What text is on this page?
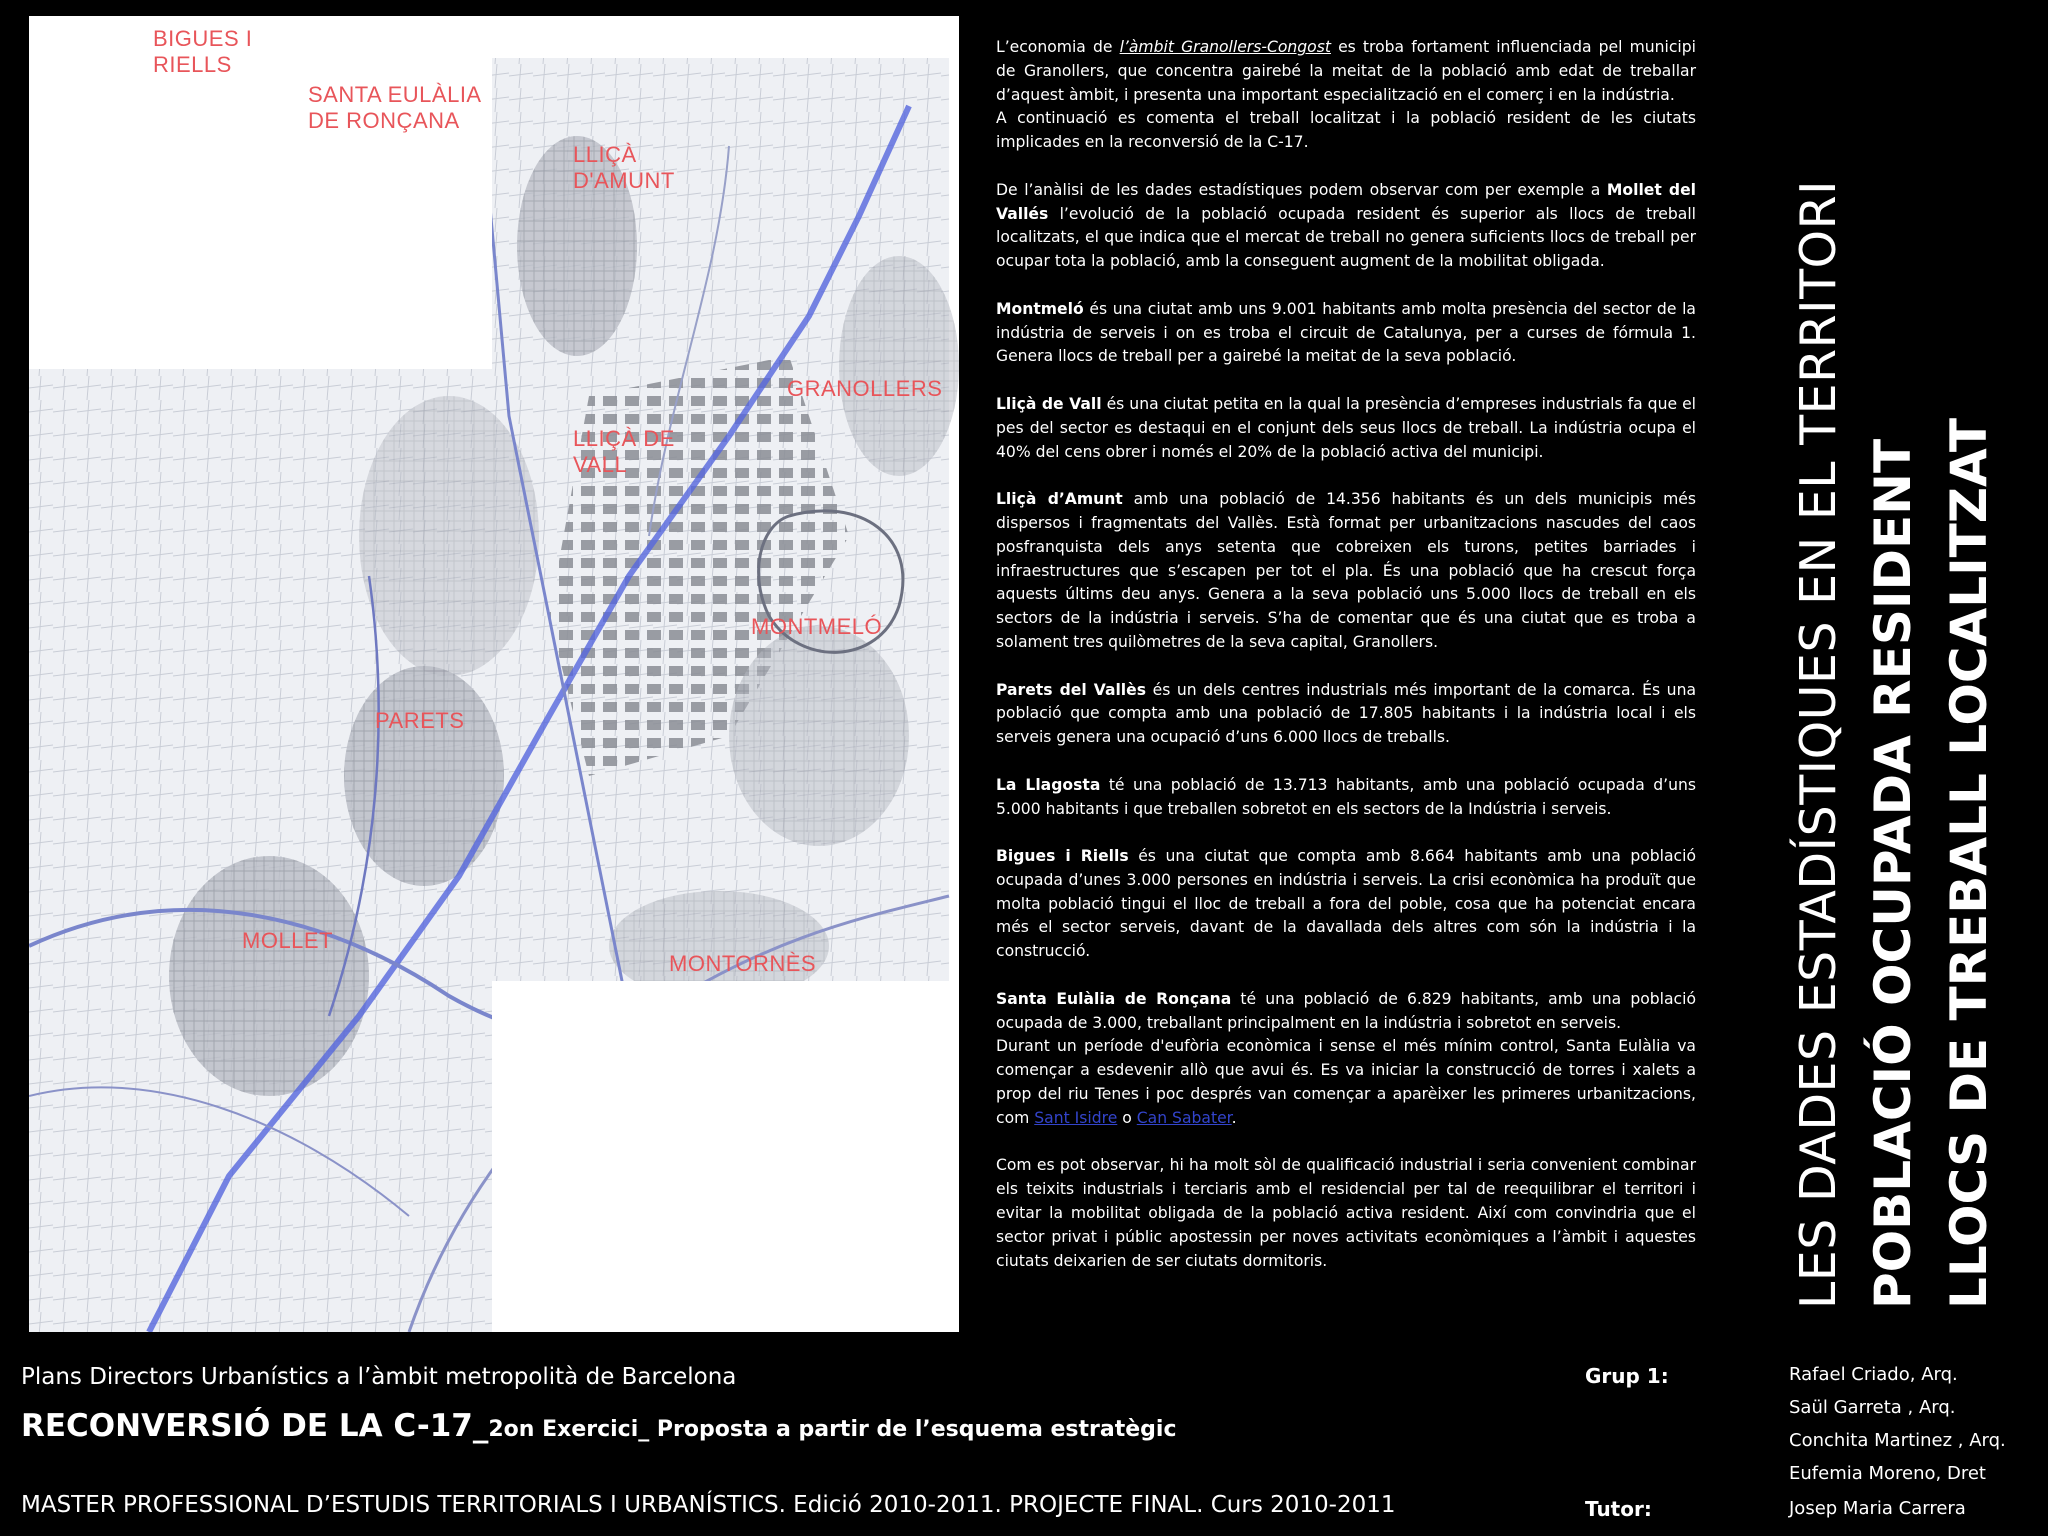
BIGUES I
RIELLS
SANTA EULÀLIA
DE RONÇANA
LLIÇÀ
D'AMUNT
GRANOLLERS
LLIÇÀ DE
VALL
MONTMELÓ
PARETS
MOLLET
MONTORNÈS

L’economia de l’àmbit Granollers-Congost es troba fortament influenciada pel municipi de Granollers, que concentra gairebé la meitat de la població amb edat de treballar d’aquest àmbit, i presenta una important especialització en el comerç i en la indústria.

A continuació es comenta el treball localitzat i la població resident de les ciutats implicades en la reconversió de la C-17.

De l’anàlisi de les dades estadístiques podem observar com per exemple a Mollet del Vallés l’evolució de la població ocupada resident és superior als llocs de treball localitzats, el que indica que el mercat de treball no genera suficients llocs de treball per ocupar tota la població, amb la conseguent augment de la mobilitat obligada.

Montmeló és una ciutat amb uns 9.001 habitants amb molta presència del sector de la indústria de serveis i on es troba el circuit de Catalunya, per a curses de fórmula 1. Genera llocs de treball per a gairebé la meitat de la seva població.

Lliçà de Vall és una ciutat petita en la qual la presència d’empreses industrials fa que el pes del sector es destaqui en el conjunt dels seus llocs de treball. La indústria ocupa el 40% del cens obrer i només el 20% de la població activa del municipi.

Lliçà d’Amunt amb una població de 14.356 habitants és un dels municipis més dispersos i fragmentats del Vallès. Està format per urbanitzacions nascudes del caos posfranquista dels anys setenta que cobreixen els turons, petites barriades i infraestructures que s’escapen per tot el pla. És una població que ha crescut força aquests últims deu anys. Genera a la seva població uns 5.000 llocs de treball en els sectors de la indústria i serveis. S’ha de comentar que és una ciutat que es troba a solament tres quilòmetres de la seva capital, Granollers.

Parets del Vallès és un dels centres industrials més important de la comarca. És una població que compta amb una població de 17.805 habitants i la indústria local i els serveis genera una ocupació d’uns 6.000 llocs de treballs.

La Llagosta té una població de 13.713 habitants, amb una població ocupada d’uns 5.000 habitants i que treballen sobretot en els sectors de la Indústria i serveis.

Bigues i Riells és una ciutat que compta amb 8.664 habitants amb una població ocupada d’unes 3.000 persones en indústria i serveis. La crisi econòmica ha produït que molta població tingui el lloc de treball a fora del poble, cosa que ha potenciat encara més el sector serveis, davant de la davallada dels altres com són la indústria i la construcció.

Santa Eulàlia de Ronçana té una població de 6.829 habitants, amb una població ocupada de 3.000, treballant principalment en la indústria i sobretot en serveis.

Durant un període d'eufòria econòmica i sense el més mínim control, Santa Eulàlia va començar a esdevenir allò que avui és. Es va iniciar la construcció de torres i xalets a prop del riu Tenes i poc després van començar a aparèixer les primeres urbanitzacions, com Sant Isidre o Can Sabater.

Com es pot observar, hi ha molt sòl de qualificació industrial i seria convenient combinar els teixits industrials i terciaris amb el residencial per tal de reequilibrar el territori i evitar la mobilitat obligada de la població activa resident. Així com convindria que el sector privat i públic apostessin per noves activitats econòmiques a l’àmbit i aquestes ciutats deixarien de ser ciutats dormitoris.	LES DADES ESTADÍSTIQUES EN EL TERRITORI POBLACIÓ OCUPADA RESIDENT LLOCS DE TREBALL LOCALITZAT
Plans Directors Urbanístics a l’àmbit metropolità de Barcelona
RECONVERSIÓ DE LA C-17_2on Exercici_ Proposta a partir de l’esquema estratègic
MASTER PROFESSIONAL D’ESTUDIS TERRITORIALS I URBANÍSTICS. Edició 2010-2011. PROJECTE FINAL. Curs 2010-2011
Grup 1:	Rafael Criado, Arq.
Saül Garreta , Arq.
Conchita Martinez , Arq.
Eufemia Moreno, Dret
Tutor:	Josep Maria Carrera
